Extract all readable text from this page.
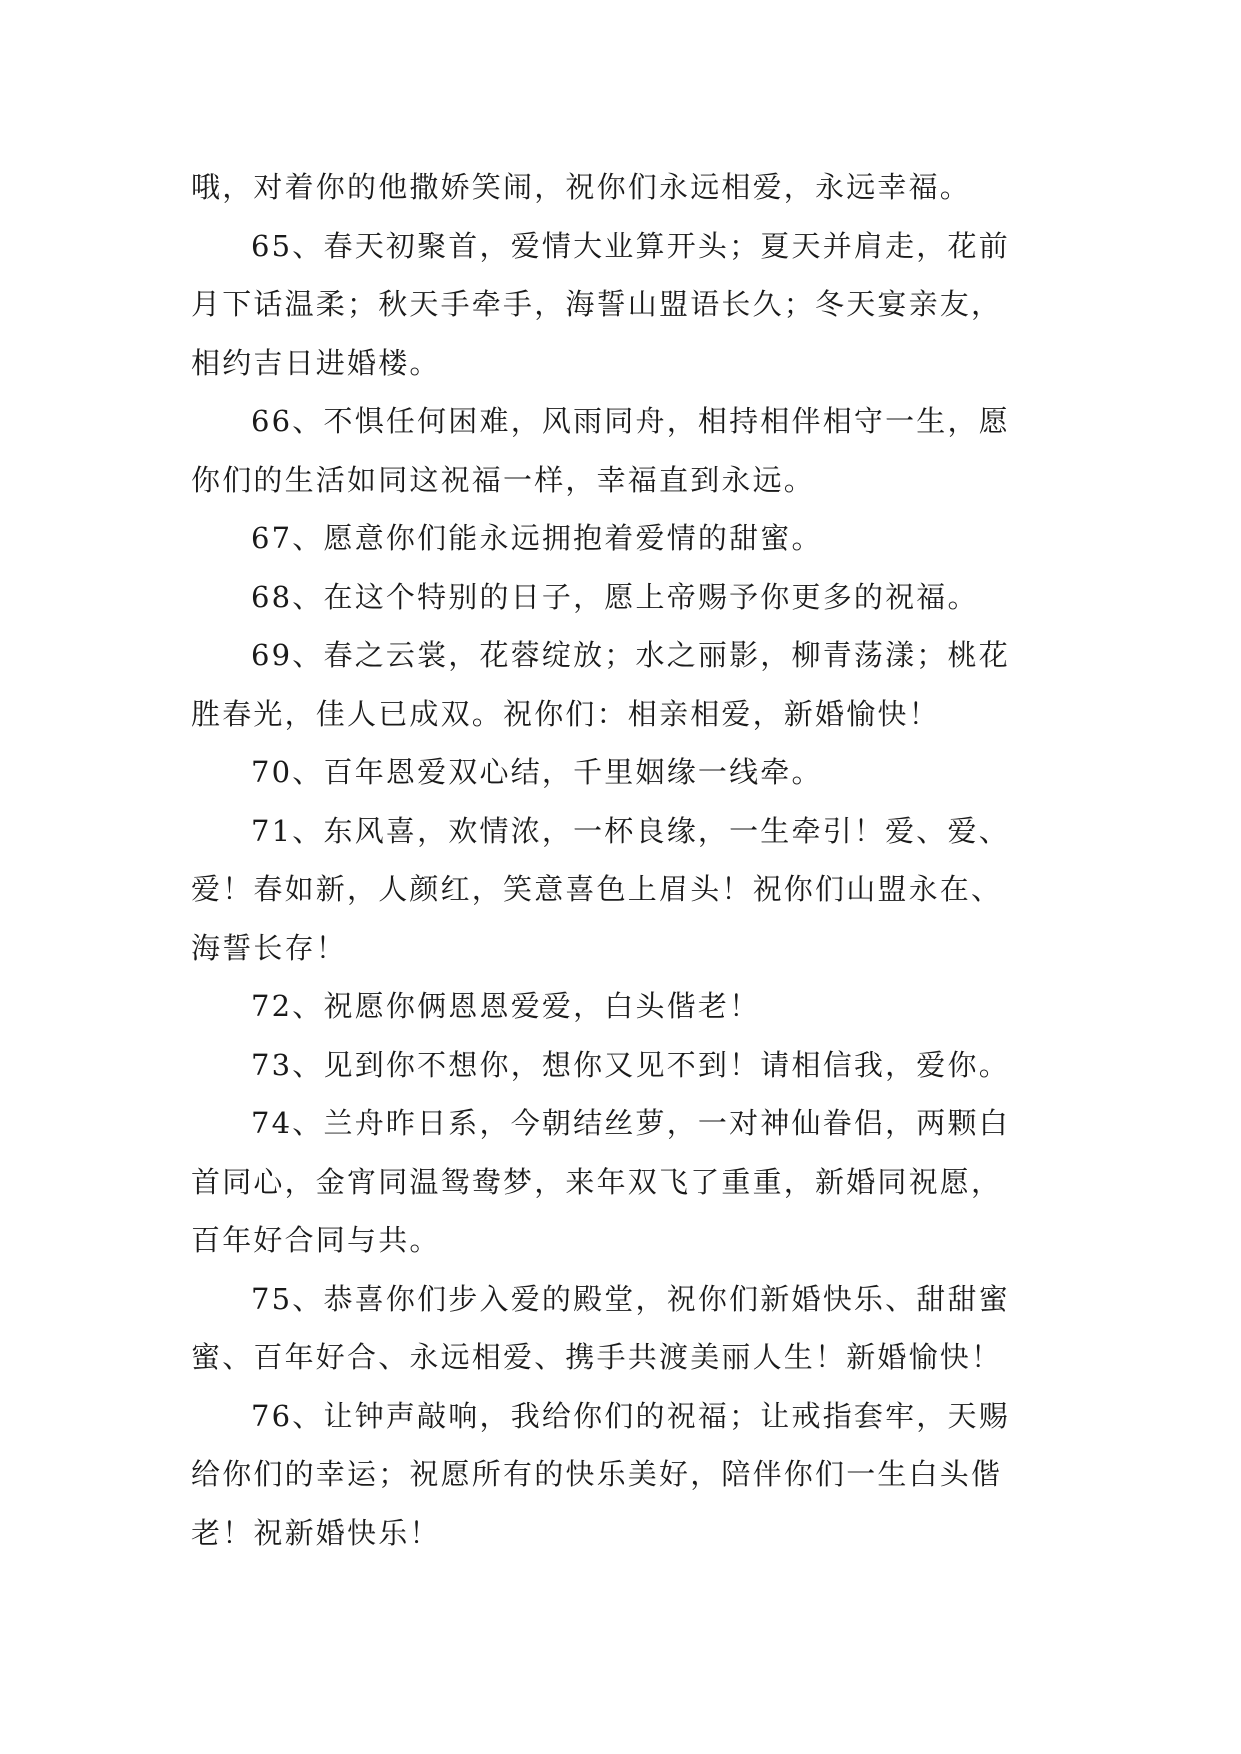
哦，对着你的他撒娇笑闹，祝你们永远相爱，永远幸福。
65、春天初聚首，爱情大业算开头；夏天并肩走，花前
月下话温柔；秋天手牵手，海誓山盟语长久；冬天宴亲友，
相约吉日进婚楼。
66、不惧任何困难，风雨同舟，相持相伴相守一生，愿
你们的生活如同这祝福一样，幸福直到永远。
67、愿意你们能永远拥抱着爱情的甜蜜。
68、在这个特别的日子，愿上帝赐予你更多的祝福。
69、春之云裳，花蓉绽放；水之丽影，柳青荡漾；桃花
胜春光，佳人已成双。祝你们：相亲相爱，新婚愉快！
70、百年恩爱双心结，千里姻缘一线牵。
71、东风喜，欢情浓，一杯良缘，一生牵引！爱、爱、
爱！春如新，人颜红，笑意喜色上眉头！祝你们山盟永在、
海誓长存！
72、祝愿你俩恩恩爱爱，白头偕老！
73、见到你不想你，想你又见不到！请相信我，爱你。
74、兰舟昨日系，今朝结丝萝，一对神仙眷侣，两颗白
首同心，金宵同温鸳鸯梦，来年双飞了重重，新婚同祝愿，
百年好合同与共。
75、恭喜你们步入爱的殿堂，祝你们新婚快乐、甜甜蜜
蜜、百年好合、永远相爱、携手共渡美丽人生！新婚愉快！
76、让钟声敲响，我给你们的祝福；让戒指套牢，天赐
给你们的幸运；祝愿所有的快乐美好，陪伴你们一生白头偕
老！祝新婚快乐！
